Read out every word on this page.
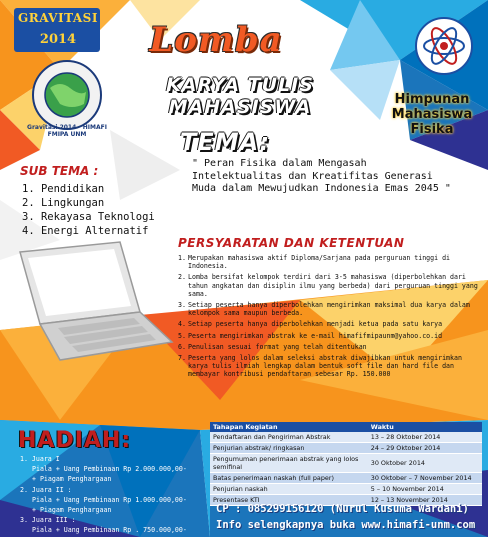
GRAVITASI
2014
Gravitasi 2014 · HIMAFI FMIPA UNM
Lomba
KARYA TULIS MAHASISWA	Himpunan
Mahasiswa
Fisika
TEMA:
" Peran Fisika dalam Mengasah Intelektualitas dan Kreatifitas Generasi Muda dalam Mewujudkan Indonesia Emas 2045 "
SUB TEMA :
1. Pendidikan
2. Lingkungan
3. Rekayasa Teknologi
4. Energi Alternatif
PERSYARATAN DAN KETENTUAN
1. Merupakan mahasiswa aktif Diploma/Sarjana pada perguruan tinggi di Indonesia.
2. Lomba bersifat kelompok terdiri dari 3-5 mahasiswa (diperbolehkan dari tahun angkatan dan disiplin ilmu yang berbeda) dari perguruan tinggi yang sama.
3. Setiap peserta hanya diperbolehkan mengirimkan maksimal dua karya dalam kelompok sama maupun berbeda.
4. Setiap peserta hanya diperbolehkan menjadi ketua pada satu karya
5. Peserta mengirimkan abstrak ke e-mail himafifmipaunm@yahoo.co.id
6. Penulisan sesuai format yang telah ditentukan
7. Peserta yang lolos dalam seleksi abstrak diwajibkan untuk mengirimkan karya tulis ilmiah lengkap dalam bentuk soft file dan hard file dan membayar kontribusi pendaftaran sebesar Rp. 150.000
HADIAH:
1. Juara I
Piala + Uang Pembinaan Rp 2.000.000,00-
+ Piagam Penghargaan
2. Juara II :
Piala + Uang Pembinaan Rp 1.000.000,00-
+ Piagam Penghargaan
3. Juara III :
Piala + Uang Pembinaan Rp . 750.000,00-
+Piagam Penghargaan
Tahapan Kegiatan	Waktu
Pendaftaran dan Pengiriman Abstrak	13 – 28 Oktober 2014
Penjurian abstrak/ ringkasan	24 – 29 Oktober 2014
Pengumuman penerimaan abstrak yang lolos semifinal	30 Oktober 2014
Batas penerimaan naskah (full paper)	30 Oktober – 7 November 2014
Penjurian naskah	5 – 10 November 2014
Presentase KTI	12 – 13 November 2014
CP : 085299156120 (Nurul Kusuma Wardani)
Info selengkapnya buka www.himafi-unm.com
